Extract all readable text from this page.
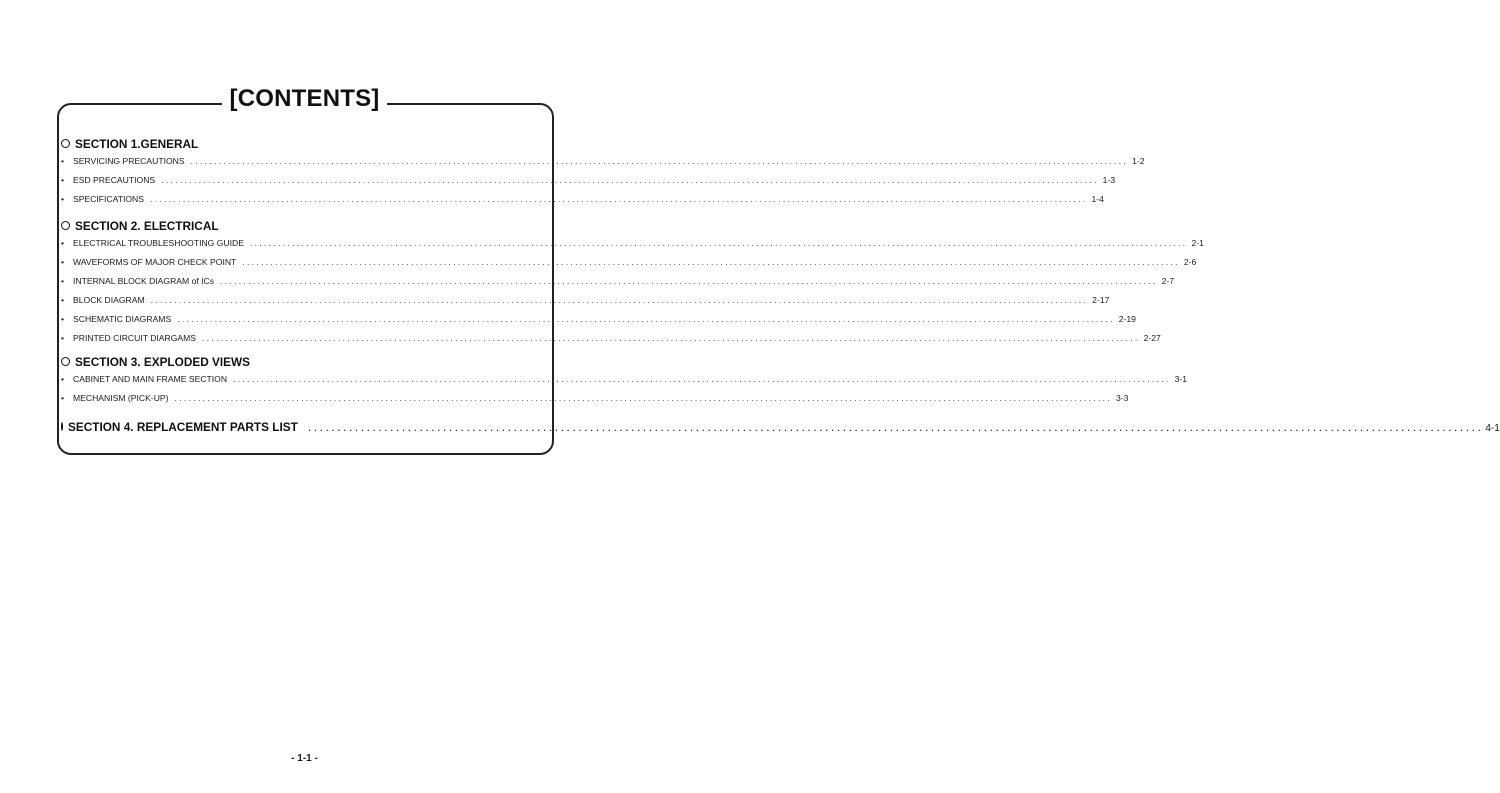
[CONTENTS]
SECTION 1.GENERAL
•	SERVICING PRECAUTIONS ........................................................................................................................................................................................................ 1-2
•	ESD PRECAUTIONS ........................................................................................................................................................................................................ 1-3
•	SPECIFICATIONS ........................................................................................................................................................................................................ 1-4
SECTION 2. ELECTRICAL
•	ELECTRICAL TROUBLESHOOTING GUIDE ........................................................................................................................................................................................................ 2-1
•	WAVEFORMS OF MAJOR CHECK POINT ........................................................................................................................................................................................................ 2-6
•	INTERNAL BLOCK DIAGRAM of ICs ........................................................................................................................................................................................................ 2-7
•	BLOCK DIAGRAM ........................................................................................................................................................................................................ 2-17
•	SCHEMATIC DIAGRAMS ........................................................................................................................................................................................................ 2-19
•	PRINTED CIRCUIT DIARGAMS ........................................................................................................................................................................................................ 2-27
SECTION 3. EXPLODED VIEWS
•	CABINET AND MAIN FRAME SECTION ........................................................................................................................................................................................................ 3-1
•	MECHANISM (PICK-UP) ........................................................................................................................................................................................................ 3-3
SECTION 4. REPLACEMENT PARTS LIST ........................................................................................................................................................................................................ 4-1
- 1-1 -
